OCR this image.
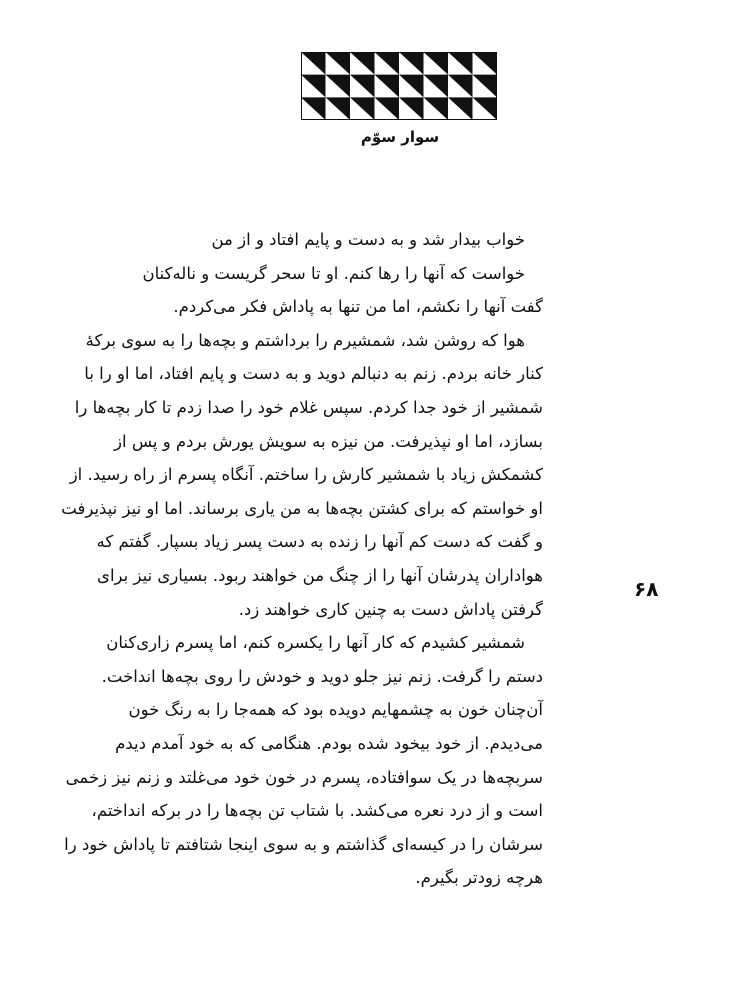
سوار سوّم
۶۸
خواب بیدار شد و به دست و پایم افتاد و از من
خواست که آنها را رها کنم. او تا سحر گریست و ناله‌کنان
گفت آنها را نکشم، اما من تنها به پاداش فکر می‌کردم.
هوا که روشن شد، شمشیرم را برداشتم و بچه‌ها را به سوی برکهٔ
کنار خانه بردم. زنم به دنبالم دوید و به دست و پایم افتاد، اما او را با
شمشیر از خود جدا کردم. سپس غلام خود را صدا زدم تا کار بچه‌ها را
بسازد، اما او نپذیرفت. من نیزه به سویش یورش بردم و پس از
کشمکش زیاد با شمشیر کارش را ساختم. آنگاه پسرم از راه رسید. از
او خواستم که برای کشتن بچه‌ها به من یاری برساند. اما او نیز نپذیرفت
و گفت که دست کم آنها را زنده به دست پسر زیاد بسپار. گفتم که
هواداران پدرشان آنها را از چنگ من خواهند ربود. بسیاری نیز برای
گرفتن پاداش دست به چنین کاری خواهند زد.
شمشیر کشیدم که کار آنها را یکسره کنم، اما پسرم زاری‌کنان
دستم را گرفت. زنم نیز جلو دوید و خودش را روی بچه‌ها انداخت.
آن‌چنان خون به چشمهایم دویده بود که همه‌جا را به رنگ خون
می‌دیدم. از خود بیخود شده بودم. هنگامی که به خود آمدم دیدم
سربچه‌ها در یک سوافتاده، پسرم در خون خود می‌غلتد و زنم نیز زخمی
است و از درد نعره می‌کشد. با شتاب تن بچه‌ها را در برکه انداختم،
سرشان را در کیسه‌ای گذاشتم و به سوی اینجا شتافتم تا پاداش خود را
هرچه زودتر بگیرم.
